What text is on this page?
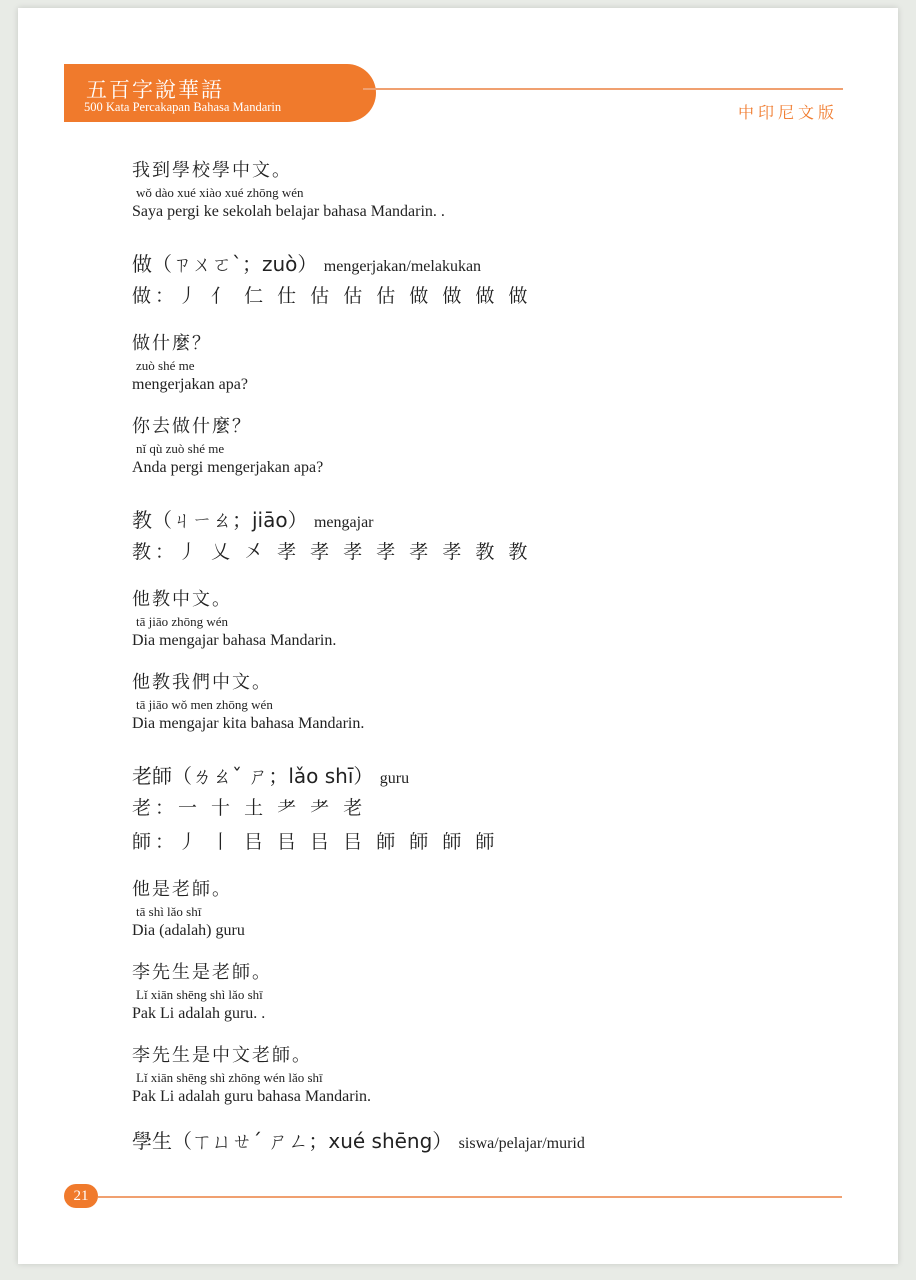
五百字說華語
500 Kata Percakapan Bahasa Mandarin	中印尼文版
我到學校學中文。
wǒ dào xué xiào xué zhōng wén
Saya pergi ke sekolah belajar bahasa Mandarin. .
做（ㄗㄨㄛˋ；zuò） mengerjakan/melakukan
做：丿 亻 仁 仕 估 估 估 做 做 做 做
做什麼？
zuò shé me
mengerjakan apa?
你去做什麼？
nǐ qù zuò shé me
Anda pergi mengerjakan apa?
教（ㄐㄧㄠ；jiāo） mengajar
教：丿 乂 㐅 孝 孝 孝 孝 孝 孝 教 教
他教中文。
tā jiāo zhōng wén
Dia mengajar bahasa Mandarin.
他教我們中文。
tā jiāo wǒ men zhōng wén
Dia mengajar kita bahasa Mandarin.
老師（ㄌㄠˇ ㄕ；lǎo shī） guru
老：一 十 土 耂 耂 老
師：丿 丨 㠯 㠯 㠯 㠯 師 師 師 師
他是老師。
tā shì lǎo shī
Dia (adalah) guru
李先生是老師。
Lǐ xiān shēng shì lǎo shī
Pak Li adalah guru. .
李先生是中文老師。
Lǐ xiān shēng shì zhōng wén lǎo shī
Pak Li adalah guru bahasa Mandarin.
學生（ㄒㄩㄝˊ ㄕㄥ；xué shēng） siswa/pelajar/murid
21
